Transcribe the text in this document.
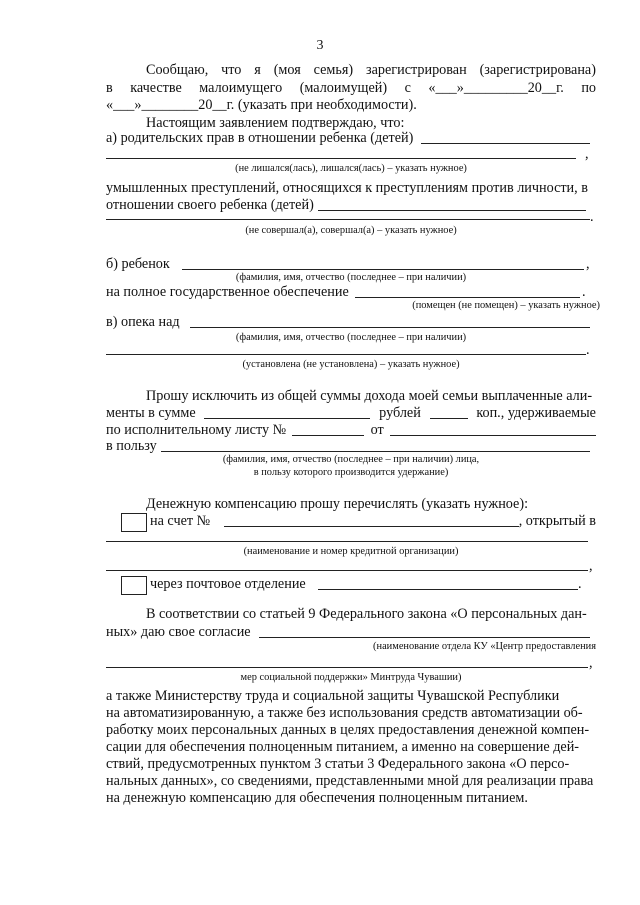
3
Сообщаю, что я (моя семья) зарегистрирован (зарегистрирована)
в качестве малоимущего (малоимущей) с «___»_________20__г. по
«___»________20__г. (указать при необходимости).
Настоящим заявлением подтверждаю, что:
а) родительских прав в отношении ребенка (детей)
,
(не лишался(лась), лишался(лась) – указать нужное)
умышленных преступлений, относящихся к преступлениям против личности, в
отношении своего ребенка (детей)
.
(не совершал(а), совершал(а) – указать нужное)
б) ребенок	,
(фамилия, имя, отчество (последнее – при наличии)
на полное государственное обеспечение	.
(помещен (не помещен) – указать нужное)
в) опека над
(фамилия, имя, отчество (последнее – при наличии)
.
(установлена (не установлена) – указать нужное)
Прошу исключить из общей суммы дохода моей семьи выплаченные али-
менты в сумме	рублей	коп., удерживаемые
по исполнительному листу №	от
в пользу
(фамилия, имя, отчество (последнее – при наличии) лица,
в пользу которого производится удержание)
Денежную компенсацию прошу перечислять (указать нужное):
на счет №	, открытый в
(наименование и номер кредитной организации)
,
через почтовое отделение	.
В соответствии со статьей 9 Федерального закона «О персональных дан-
ных» даю свое согласие
(наименование отдела КУ «Центр предоставления
,
мер социальной поддержки» Минтруда Чувашии)
а также Министерству труда и социальной защиты Чувашской Республики
на автоматизированную, а также без использования средств автоматизации об-
работку моих персональных данных в целях предоставления денежной компен-
сации для обеспечения полноценным питанием, а именно на совершение дей-
ствий, предусмотренных пунктом 3 статьи 3 Федерального закона «О персо-
нальных данных», со сведениями, представленными мной для реализации права
на денежную компенсацию для обеспечения полноценным питанием.
